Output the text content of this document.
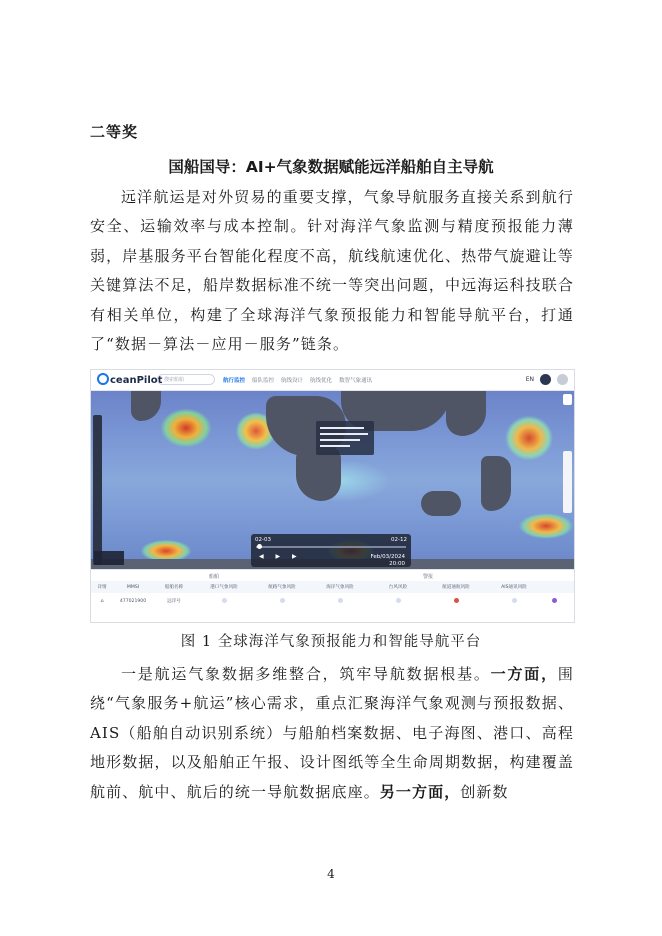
二等奖
国船国导：AI+气象数据赋能远洋船舶自主导航
远洋航运是对外贸易的重要支撑，气象导航服务直接关系到航行安全、运输效率与成本控制。针对海洋气象监测与精度预报能力薄弱，岸基服务平台智能化程度不高，航线航速优化、热带气旋避让等关键算法不足，船岸数据标准不统一等突出问题，中远海运科技联合有相关单位，构建了全球海洋气象预报能力和智能导航平台，打通了“数据－算法－应用－服务”链条。
ceanPilot 搜索船舶	航行监控 船队监控 航线设计 航线优化 数智气象通讯	EN
02-03	02-12
◀ ▶ ▶	Feb/03/2024
20:00
船舶	警报
详情	MMSI	船舶名称	港口气象风险	航路气象风险	海洋气象风险	台风风险	航道通航风险	AIS通讯风险
⌂	477021900	远洋号
图 1 全球海洋气象预报能力和智能导航平台
一是航运气象数据多维整合，筑牢导航数据根基。一方面，围绕“气象服务+航运”核心需求，重点汇聚海洋气象观测与预报数据、AIS（船舶自动识别系统）与船舶档案数据、电子海图、港口、高程地形数据，以及船舶正午报、设计图纸等全生命周期数据，构建覆盖航前、航中、航后的统一导航数据底座。另一方面，创新数
4
